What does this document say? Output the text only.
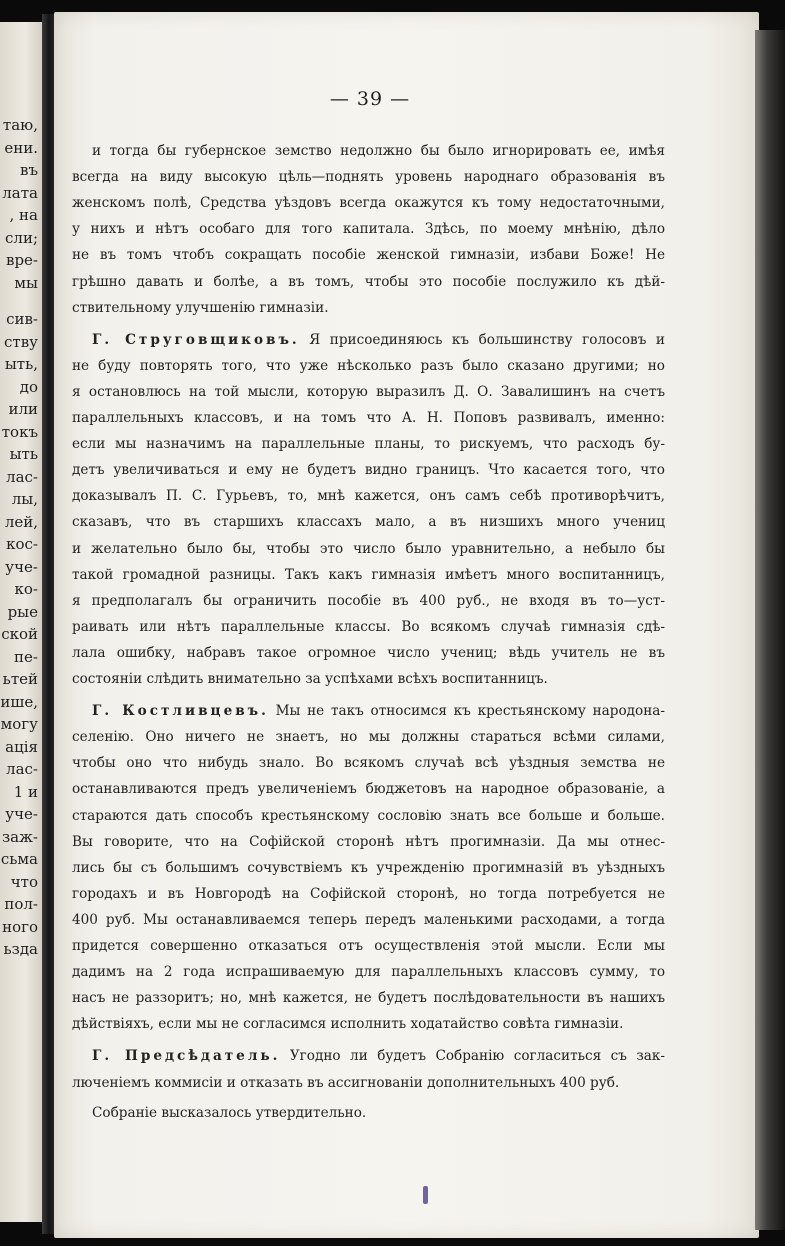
таю,
ени.
въ
лата
, на
сли;
вре-
мы
сив-
ству
ыть,
до
или
токъ
ыть
лас-
лы,
лей,
кос-
уче-
ко-
рые
ской
пе-
ьтей
ише,
могу
ація
лас-
1 и
уче-
заж-
сьма
что
пол-
ного
ьзда
— 39 —
и тогда бы губернское земство недолжно бы было игнорировать ее, имѣя
всегда на виду высокую цѣль—поднять уровень народнаго образованія въ
женскомъ полѣ, Средства уѣздовъ всегда окажутся къ тому недостаточными,
у нихъ и нѣтъ особаго для того капитала. Здѣсь, по моему мнѣнію, дѣло
не въ томъ чтобъ сокращать пособіе женской гимназіи, избави Боже! Не
грѣшно давать и болѣе, а въ томъ, чтобы это пособіе послужило къ дѣй-
ствительному улучшенію гимназіи.
Г. Струговщиковъ. Я присоединяюсь къ большинству голосовъ и
не буду повторять того, что уже нѣсколько разъ было сказано другими; но
я остановлюсь на той мысли, которую выразилъ Д. О. Завалишинъ на счетъ
параллельныхъ классовъ, и на томъ что А. Н. Поповъ развивалъ, именно:
если мы назначимъ на параллельные планы, то рискуемъ, что расходъ бу-
детъ увеличиваться и ему не будетъ видно границъ. Что касается того, что
доказывалъ П. С. Гурьевъ, то, мнѣ кажется, онъ самъ себѣ противорѣчитъ,
сказавъ, что въ старшихъ классахъ мало, а въ низшихъ много учениц
и желательно было бы, чтобы это число было уравнительно, а небыло бы
такой громадной разницы. Такъ какъ гимназія имѣетъ много воспитанницъ,
я предполагалъ бы ограничить пособіе въ 400 руб., не входя въ то—уст-
раивать или нѣтъ параллельные классы. Во всякомъ случаѣ гимназія сдѣ-
лала ошибку, набравъ такое огромное число учениц; вѣдь учитель не въ
состояніи слѣдить внимательно за успѣхами всѣхъ воспитанницъ.
Г. Костливцевъ. Мы не такъ относимся къ крестьянскому народона-
селенію. Оно ничего не знаетъ, но мы должны стараться всѣми силами,
чтобы оно что нибудь знало. Во всякомъ случаѣ всѣ уѣздныя земства не
останавливаются предъ увеличеніемъ бюджетовъ на народное образованіе, а
стараются дать способъ крестьянскому сословію знать все больше и больше.
Вы говорите, что на Софійской сторонѣ нѣтъ прогимназіи. Да мы отнес-
лись бы съ большимъ сочувствіемъ къ учрежденію прогимназій въ уѣздныхъ
городахъ и въ Новгородѣ на Софійской сторонѣ, но тогда потребуется не
400 руб. Мы останавливаемся теперь передъ маленькими расходами, а тогда
придется совершенно отказаться отъ осуществленія этой мысли. Если мы
дадимъ на 2 года испрашиваемую для параллельныхъ классовъ сумму, то
насъ не раззоритъ; но, мнѣ кажется, не будетъ послѣдовательности въ нашихъ
дѣйствіяхъ, если мы не согласимся исполнить ходатайство совѣта гимназіи.
Г. Предсѣдатель. Угодно ли будетъ Собранію согласиться съ зак-
люченіемъ коммисіи и отказать въ ассигнованіи дополнительныхъ 400 руб.
Собраніе высказалось утвердительно.
